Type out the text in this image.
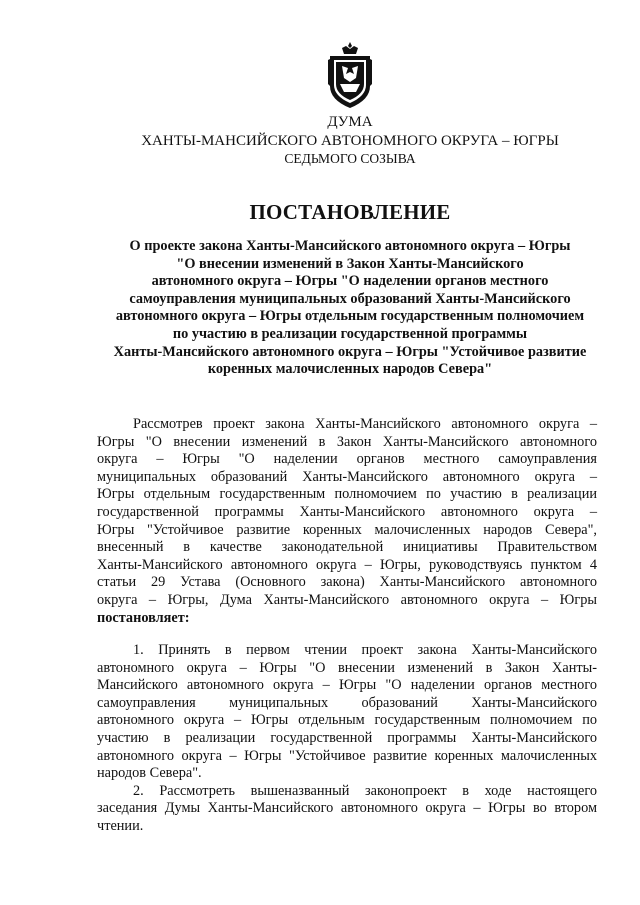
ДУМА
ХАНТЫ-МАНСИЙСКОГО АВТОНОМНОГО ОКРУГА – ЮГРЫ
СЕДЬМОГО СОЗЫВА
ПОСТАНОВЛЕНИЕ
О проекте закона Ханты-Мансийского автономного округа – Югры
"О внесении изменений в Закон Ханты-Мансийского
автономного округа – Югры "О наделении органов местного
самоуправления муниципальных образований Ханты-Мансийского
автономного округа – Югры отдельным государственным полномочием
по участию в реализации государственной программы
Ханты-Мансийского автономного округа – Югры "Устойчивое развитие
коренных малочисленных народов Севера"
Рассмотрев проект закона Ханты-Мансийского автономного округа –
Югры "О внесении изменений в Закон Ханты-Мансийского автономного
округа – Югры "О наделении органов местного самоуправления
муниципальных образований Ханты-Мансийского автономного округа –
Югры отдельным государственным полномочием по участию в реализации
государственной программы Ханты-Мансийского автономного округа –
Югры "Устойчивое развитие коренных малочисленных народов Севера",
внесенный в качестве законодательной инициативы Правительством
Ханты-Мансийского автономного округа – Югры, руководствуясь пунктом 4
статьи 29 Устава (Основного закона) Ханты-Мансийского автономного
округа – Югры, Дума Ханты-Мансийского автономного округа – Югры
постановляет:
1. Принять в первом чтении проект закона Ханты-Мансийского
автономного округа – Югры "О внесении изменений в Закон Ханты-
Мансийского автономного округа – Югры "О наделении органов местного
самоуправления муниципальных образований Ханты-Мансийского
автономного округа – Югры отдельным государственным полномочием по
участию в реализации государственной программы Ханты-Мансийского
автономного округа – Югры "Устойчивое развитие коренных малочисленных
народов Севера".
2. Рассмотреть вышеназванный законопроект в ходе настоящего
заседания Думы Ханты-Мансийского автономного округа – Югры во втором
чтении.
